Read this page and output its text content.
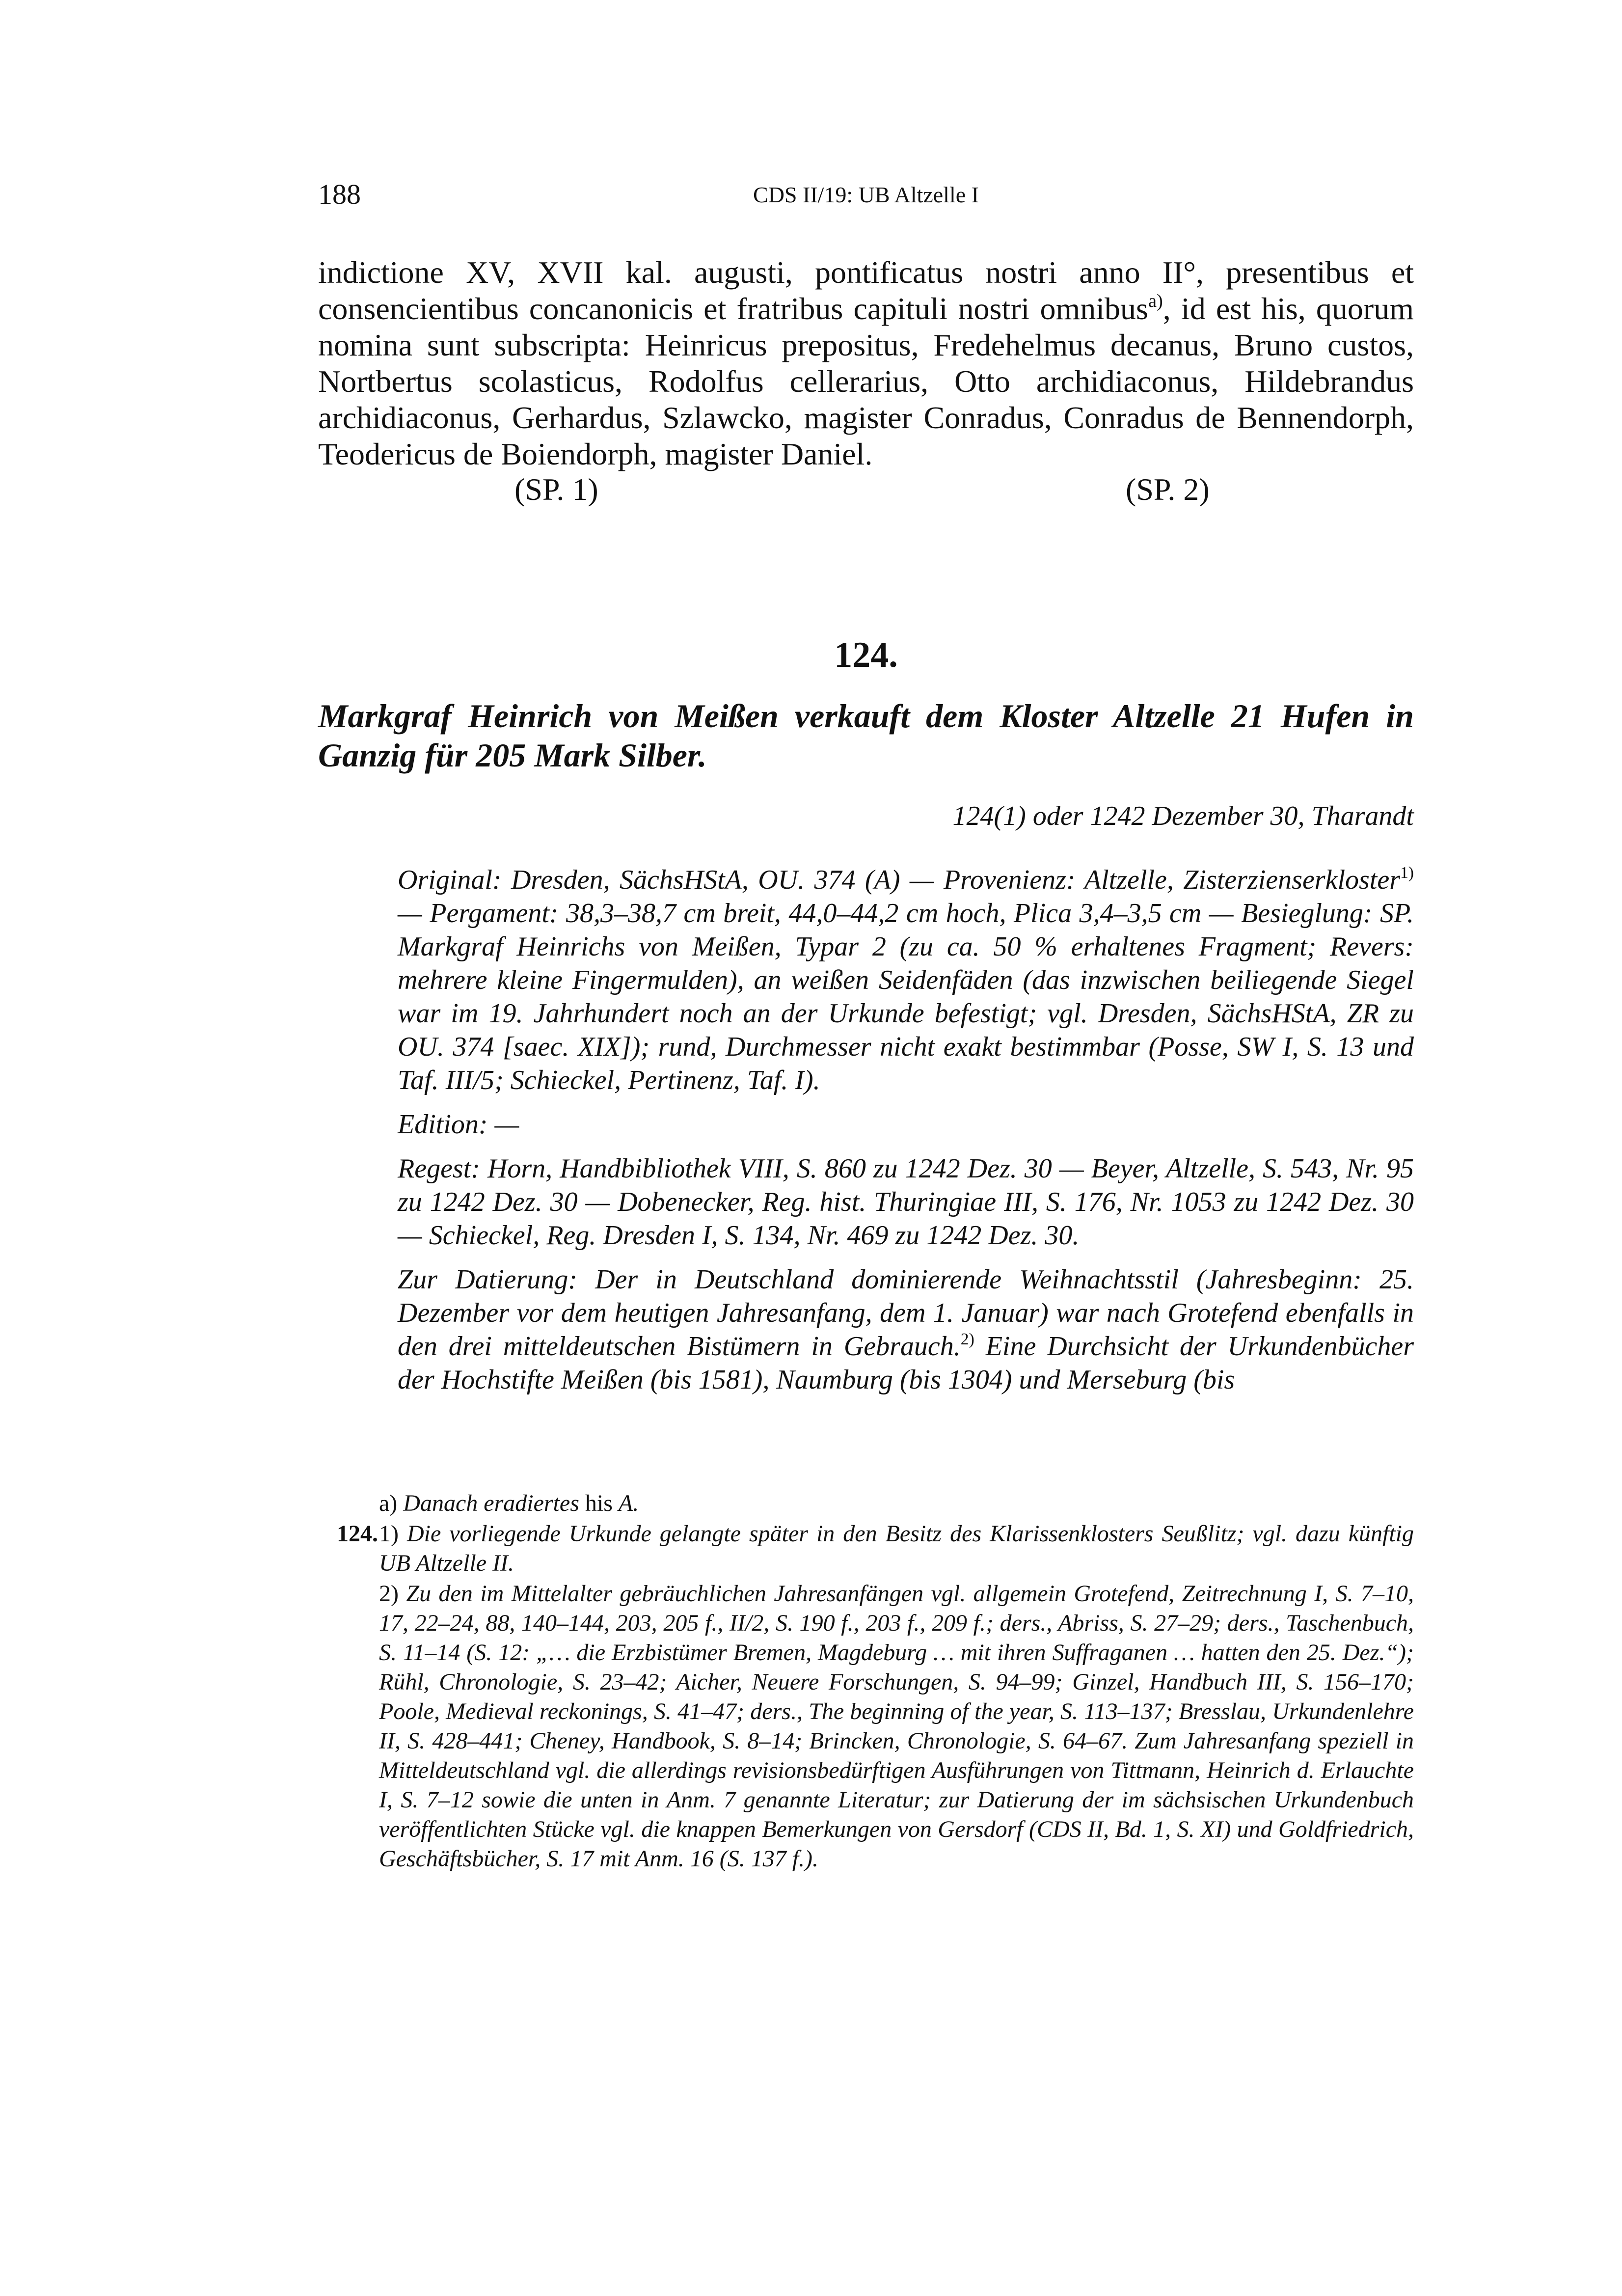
188	CDS II/19: UB Altzelle I

indictione XV, XVII kal. augusti, pontificatus nostri anno II°, presentibus et consencientibus concanonicis et fratribus capituli nostri omnibus$^{a)}$, id est his, quorum nomina sunt subscripta: Heinricus prepositus, Fredehelmus decanus, Bruno custos, Nortbertus scolasticus, Rodolfus cellerarius, Otto archidiaconus, Hildebrandus archidiaconus, Gerhardus, Szlawcko, magister Conradus, Conradus de Bennendorph, Teodericus de Boiendorph, magister Daniel.

(SP. 1)	(SP. 2)
124.
Markgraf Heinrich von Meißen verkauft dem Kloster Altzelle 21 Hufen in Ganzig für 205 Mark Silber.
124(1) oder 1242 Dezember 30, Tharandt

Original: Dresden, SächsHStA, OU. 374 (A) — Provenienz: Altzelle, Zisterzienserkloster$^{1)}$ — Pergament: 38,3–38,7 cm breit, 44,0–44,2 cm hoch, Plica 3,4–3,5 cm — Besieglung: SP. Markgraf Heinrichs von Meißen, Typar 2 (zu ca. 50 % erhaltenes Fragment; Revers: mehrere kleine Fingermulden), an weißen Seidenfäden (das inzwischen beiliegende Siegel war im 19. Jahrhundert noch an der Urkunde befestigt; vgl. Dresden, SächsHStA, ZR zu OU. 374 [saec. XIX]); rund, Durchmesser nicht exakt bestimmbar (Posse, SW I, S. 13 und Taf. III/5; Schieckel, Pertinenz, Taf. I).

Edition: —

Regest: Horn, Handbibliothek VIII, S. 860 zu 1242 Dez. 30 — Beyer, Altzelle, S. 543, Nr. 95 zu 1242 Dez. 30 — Dobenecker, Reg. hist. Thuringiae III, S. 176, Nr. 1053 zu 1242 Dez. 30 — Schieckel, Reg. Dresden I, S. 134, Nr. 469 zu 1242 Dez. 30.

Zur Datierung: Der in Deutschland dominierende Weihnachtsstil (Jahresbeginn: 25. Dezember vor dem heutigen Jahresanfang, dem 1. Januar) war nach Grotefend ebenfalls in den drei mitteldeutschen Bistümern in Gebrauch.$^{2)}$ Eine Durchsicht der Urkundenbücher der Hochstifte Meißen (bis 1581), Naumburg (bis 1304) und Merseburg (bis

a) Danach eradiertes his A.
124. 1) Die vorliegende Urkunde gelangte später in den Besitz des Klarissenklosters Seußlitz; vgl. dazu künftig UB Altzelle II.
2) Zu den im Mittelalter gebräuchlichen Jahresanfängen vgl. allgemein Grotefend, Zeitrechnung I, S. 7–10, 17, 22–24, 88, 140–144, 203, 205 f., II/2, S. 190 f., 203 f., 209 f.; ders., Abriss, S. 27–29; ders., Taschenbuch, S. 11–14 (S. 12: „… die Erzbistümer Bremen, Magdeburg … mit ihren Suffraganen … hatten den 25. Dez.“); Rühl, Chronologie, S. 23–42; Aicher, Neuere Forschungen, S. 94–99; Ginzel, Handbuch III, S. 156–170; Poole, Medieval reckonings, S. 41–47; ders., The beginning of the year, S. 113–137; Bresslau, Urkundenlehre II, S. 428–441; Cheney, Handbook, S. 8–14; Brincken, Chronologie, S. 64–67. Zum Jahresanfang speziell in Mitteldeutschland vgl. die allerdings revisionsbedürftigen Ausführungen von Tittmann, Heinrich d. Erlauchte I, S. 7–12 sowie die unten in Anm. 7 genannte Literatur; zur Datierung der im sächsischen Urkundenbuch veröffentlichten Stücke vgl. die knappen Bemerkungen von Gersdorf (CDS II, Bd. 1, S. XI) und Goldfriedrich, Geschäftsbücher, S. 17 mit Anm. 16 (S. 137 f.).
